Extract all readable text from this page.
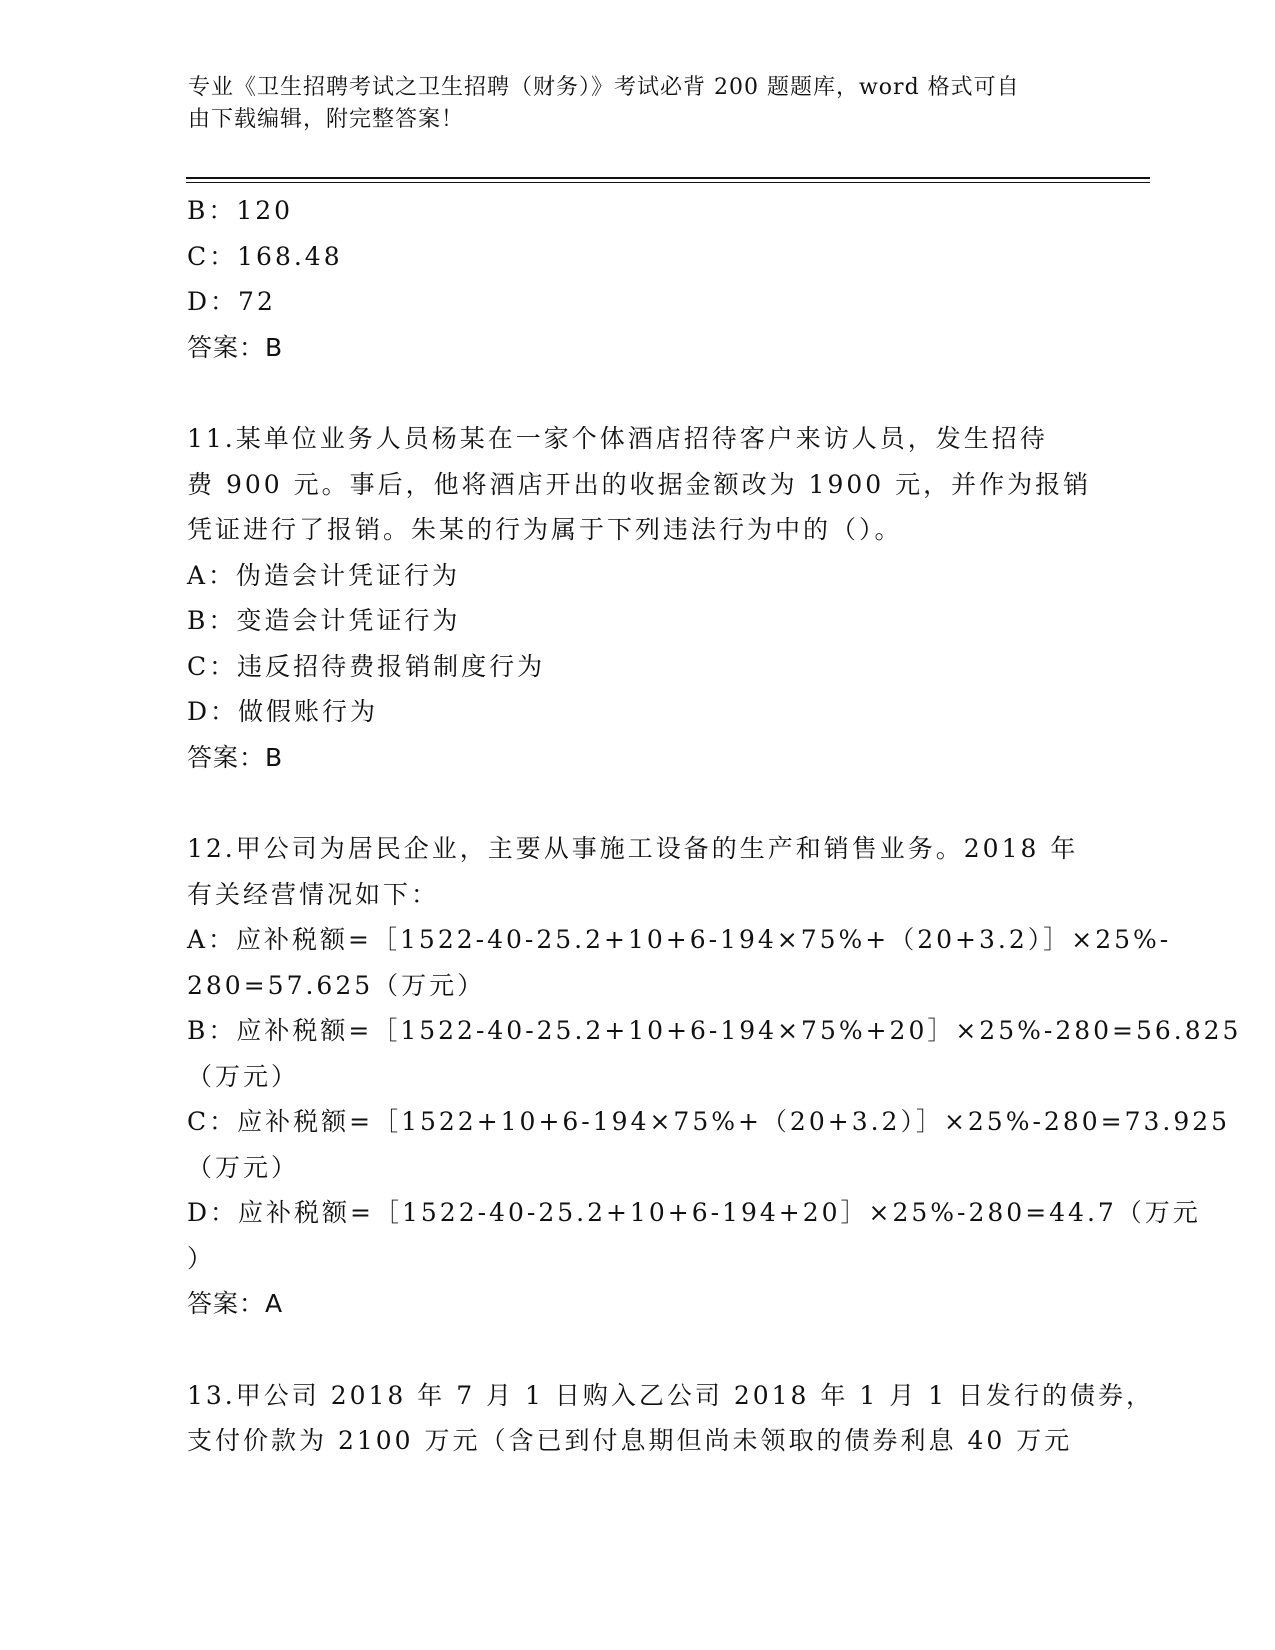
专业《卫生招聘考试之卫生招聘（财务）》考试必背 200 题题库，word 格式可自
由下载编辑，附完整答案！
B：120
C：168.48
D：72
答案：B
11.某单位业务人员杨某在一家个体酒店招待客户来访人员，发生招待
费 900 元。事后，他将酒店开出的收据金额改为 1900 元，并作为报销
凭证进行了报销。朱某的行为属于下列违法行为中的（）。
A：伪造会计凭证行为
B：变造会计凭证行为
C：违反招待费报销制度行为
D：做假账行为
答案：B
12.甲公司为居民企业，主要从事施工设备的生产和销售业务。2018 年
有关经营情况如下：
A：应补税额=［1522-40-25.2+10+6-194×75%+（20+3.2）］×25%-
280=57.625（万元）
B：应补税额=［1522-40-25.2+10+6-194×75%+20］×25%-280=56.825
（万元）
C：应补税额=［1522+10+6-194×75%+（20+3.2）］×25%-280=73.925
（万元）
D：应补税额=［1522-40-25.2+10+6-194+20］×25%-280=44.7（万元
）
答案：A
13.甲公司 2018 年 7 月 1 日购入乙公司 2018 年 1 月 1 日发行的债券，
支付价款为 2100 万元（含已到付息期但尚未领取的债券利息 40 万元
